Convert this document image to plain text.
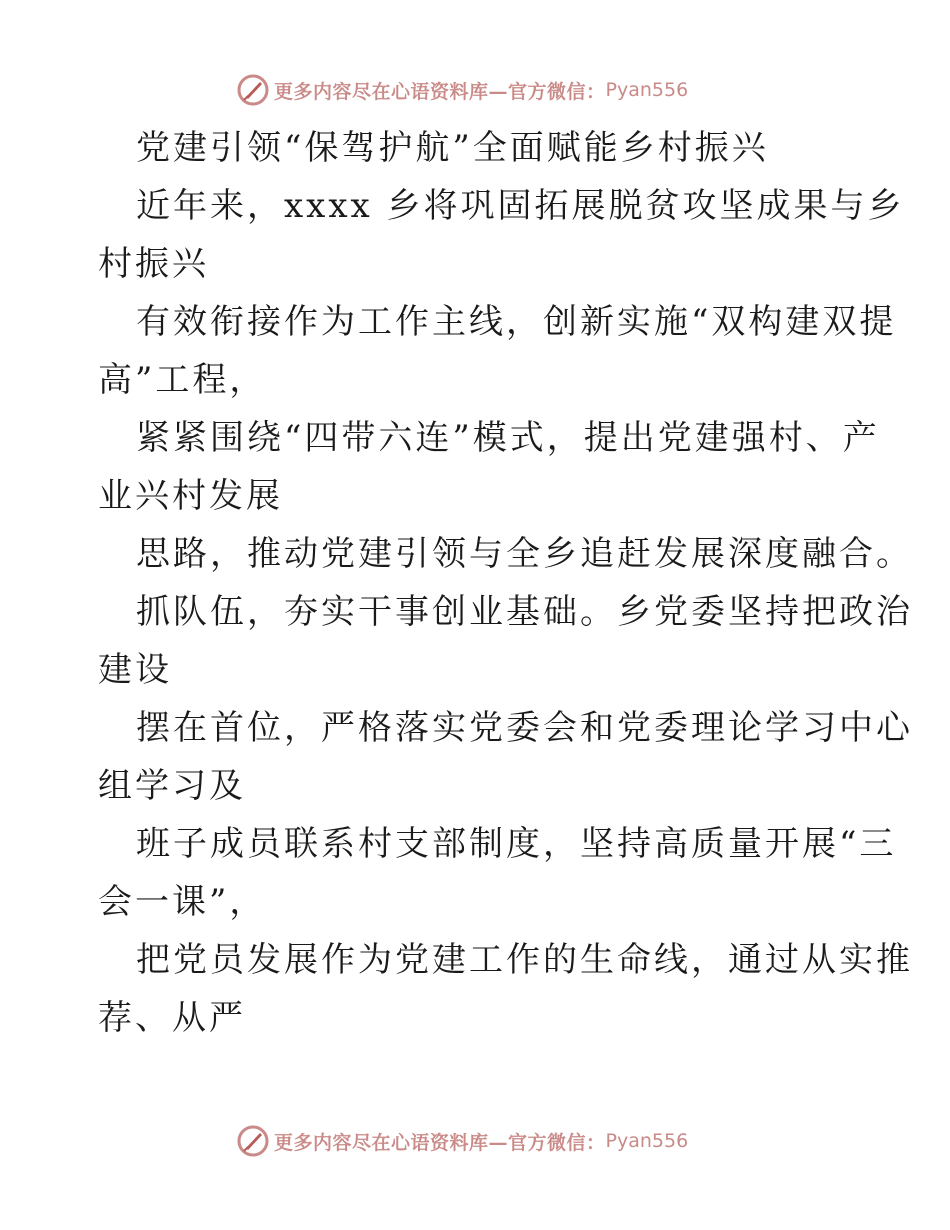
更多内容尽在心语资料库—官方微信： Pyan556
党建引领“保驾护航”全面赋能乡村振兴
近年来，xxxx 乡将巩固拓展脱贫攻坚成果与乡
村振兴
有效衔接作为工作主线，创新实施“双构建双提
高”工程，
紧紧围绕“四带六连”模式，提出党建强村、产
业兴村发展
思路，推动党建引领与全乡追赶发展深度融合。
抓队伍，夯实干事创业基础。乡党委坚持把政治
建设
摆在首位，严格落实党委会和党委理论学习中心
组学习及
班子成员联系村支部制度，坚持高质量开展“三
会一课”，
把党员发展作为党建工作的生命线，通过从实推
荐、从严
更多内容尽在心语资料库—官方微信： Pyan556
